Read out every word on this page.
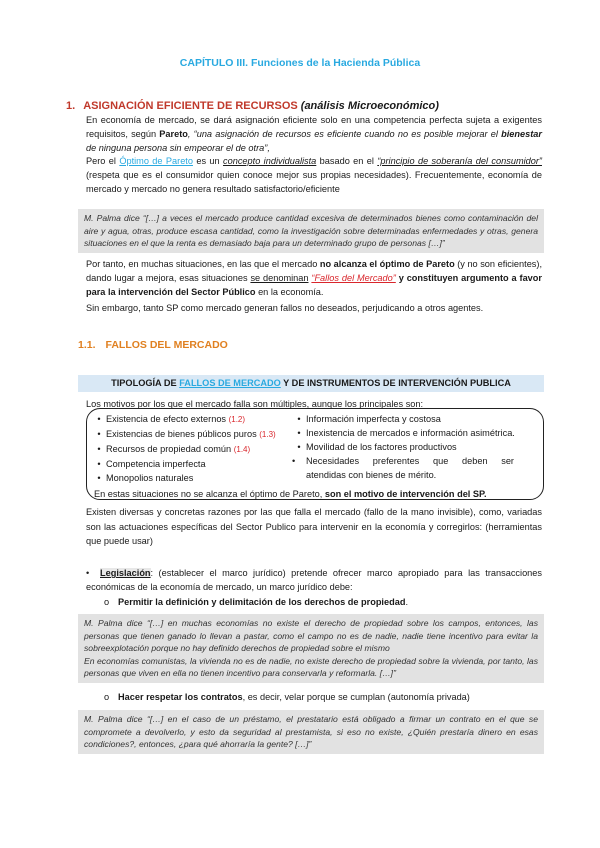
CAPÍTULO III. Funciones de la Hacienda Pública
1. ASIGNACIÓN EFICIENTE DE RECURSOS (análisis Microeconómico)

En economía de mercado, se dará asignación eficiente solo en una competencia perfecta sujeta a exigentes requisitos, según Pareto, “una asignación de recursos es eficiente cuando no es posible mejorar el bienestar de ninguna persona sin empeorar el de otra”,

Pero el Óptimo de Pareto es un concepto individualista basado en el “principio de soberanía del consumidor” (respeta que es el consumidor quien conoce mejor sus propias necesidades). Frecuentemente, economía de mercado y mercado no genera resultado satisfactorio/eficiente

M. Palma dice “[…] a veces el mercado produce cantidad excesiva de determinados bienes como contaminación del aire y agua, otras, produce escasa cantidad, como la investigación sobre determinadas enfermedades y otras, genera situaciones en el que la renta es demasiado baja para un determinado grupo de personas […]”

Por tanto, en muchas situaciones, en las que el mercado no alcanza el óptimo de Pareto (y no son eficientes), dando lugar a mejora, esas situaciones se denominan “Fallos del Mercado” y constituyen argumento a favor para la intervención del Sector Público en la economía.

Sin embargo, tanto SP como mercado generan fallos no deseados, perjudicando a otros agentes.

1.1. FALLOS DEL MERCADO
TIPOLOGÍA DE FALLOS DE MERCADO Y DE INSTRUMENTOS DE INTERVENCIÓN PUBLICA
Los motivos por los que el mercado falla son múltiples, aunque los principales son:
• Existencia de efecto externos (1.2)
• Existencias de bienes públicos puros (1.3)
• Recursos de propiedad común (1.4)
• Competencia imperfecta
• Monopolios naturales
• Información imperfecta y costosa
• Inexistencia de mercados e información asimétrica.
• Movilidad de los factores productivos
• Necesidades preferentes que deben ser
atendidas con bienes de mérito.
En estas situaciones no se alcanza el óptimo de Pareto, son el motivo de intervención del SP.
Existen diversas y concretas razones por las que falla el mercado (fallo de la mano invisible), como, variadas son las actuaciones específicas del Sector Publico para intervenir en la economía y corregirlos: (herramientas que puede usar)
• Legislación: (establecer el marco jurídico) pretende ofrecer marco apropiado para las transacciones económicas de la economía de mercado, un marco jurídico debe:
o Permitir la definición y delimitación de los derechos de propiedad.

M. Palma dice “[…] en muchas economías no existe el derecho de propiedad sobre los campos, entonces, las personas que tienen ganado lo llevan a pastar, como el campo no es de nadie, nadie tiene incentivo para evitar la sobreexplotación porque no hay definido derechos de propiedad sobre el mismo

En economías comunistas, la vivienda no es de nadie, no existe derecho de propiedad sobre la vivienda, por tanto, las personas que viven en ella no tienen incentivo para conservarla y reformarla. […]”

o Hacer respetar los contratos, es decir, velar porque se cumplan (autonomía privada)

M. Palma dice “[…] en el caso de un préstamo, el prestatario está obligado a firmar un contrato en el que se compromete a devolverlo, y esto da seguridad al prestamista, si eso no existe, ¿Quién prestaría dinero en esas condiciones?, entonces, ¿para qué ahorraría la gente? […]”
